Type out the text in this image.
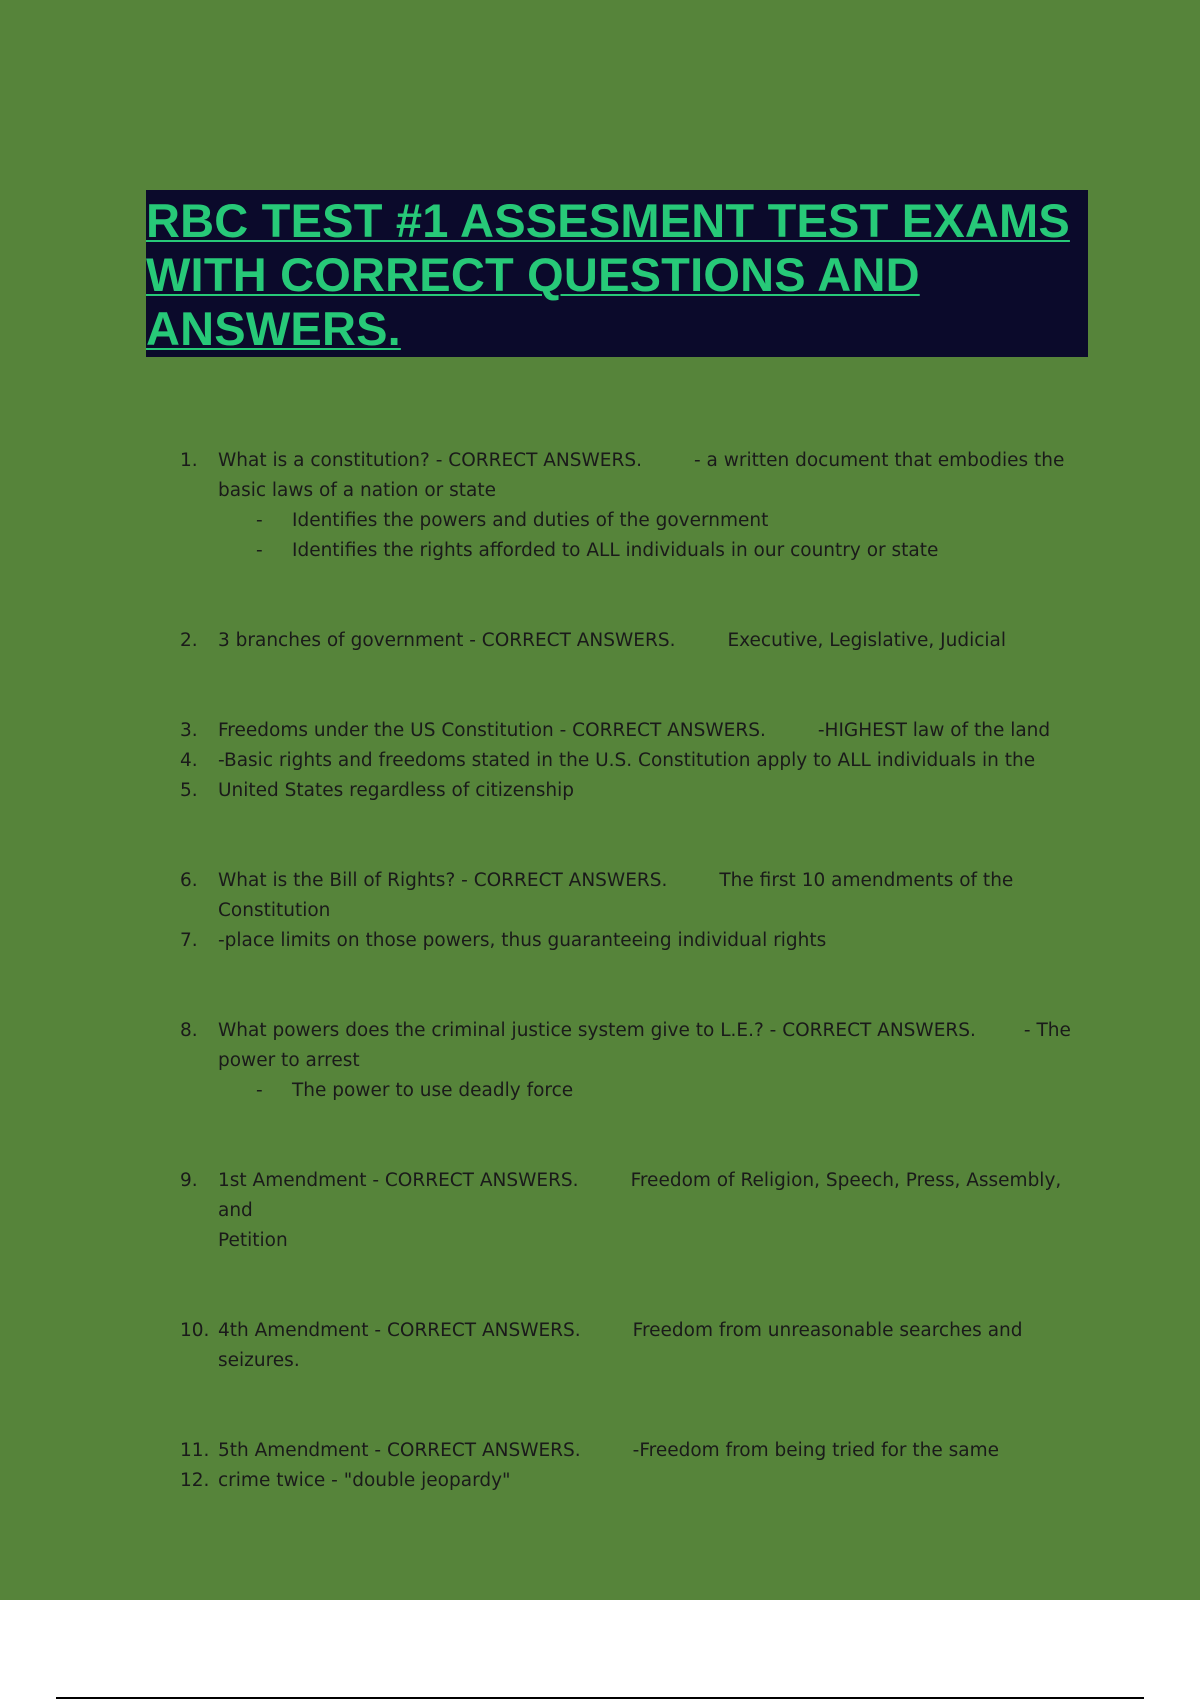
RBC TEST #1 ASSESMENT TEST EXAMS WITH CORRECT QUESTIONS AND ANSWERS.
1.	What is a constitution? - CORRECT ANSWERS.	- a written document that embodies the
basic laws of a nation or state
-	Identifies the powers and duties of the government
-	Identifies the rights afforded to ALL individuals in our country or state
2.	3 branches of government - CORRECT ANSWERS.	Executive, Legislative, Judicial
3.	Freedoms under the US Constitution - CORRECT ANSWERS.	-HIGHEST law of the land
4.	-Basic rights and freedoms stated in the U.S. Constitution apply to ALL individuals in the
5.	United States regardless of citizenship
6.	What is the Bill of Rights? - CORRECT ANSWERS.	The first 10 amendments of the
Constitution
7.	-place limits on those powers, thus guaranteeing individual rights
8.	What powers does the criminal justice system give to L.E.? - CORRECT ANSWERS.	- The
power to arrest
-	The power to use deadly force
9.	1st Amendment - CORRECT ANSWERS.	Freedom of Religion, Speech, Press, Assembly, and
Petition
10. 4th Amendment - CORRECT ANSWERS.	Freedom from unreasonable searches and seizures.
11. 5th Amendment - CORRECT ANSWERS.	-Freedom from being tried for the same
12. crime twice - "double jeopardy"
